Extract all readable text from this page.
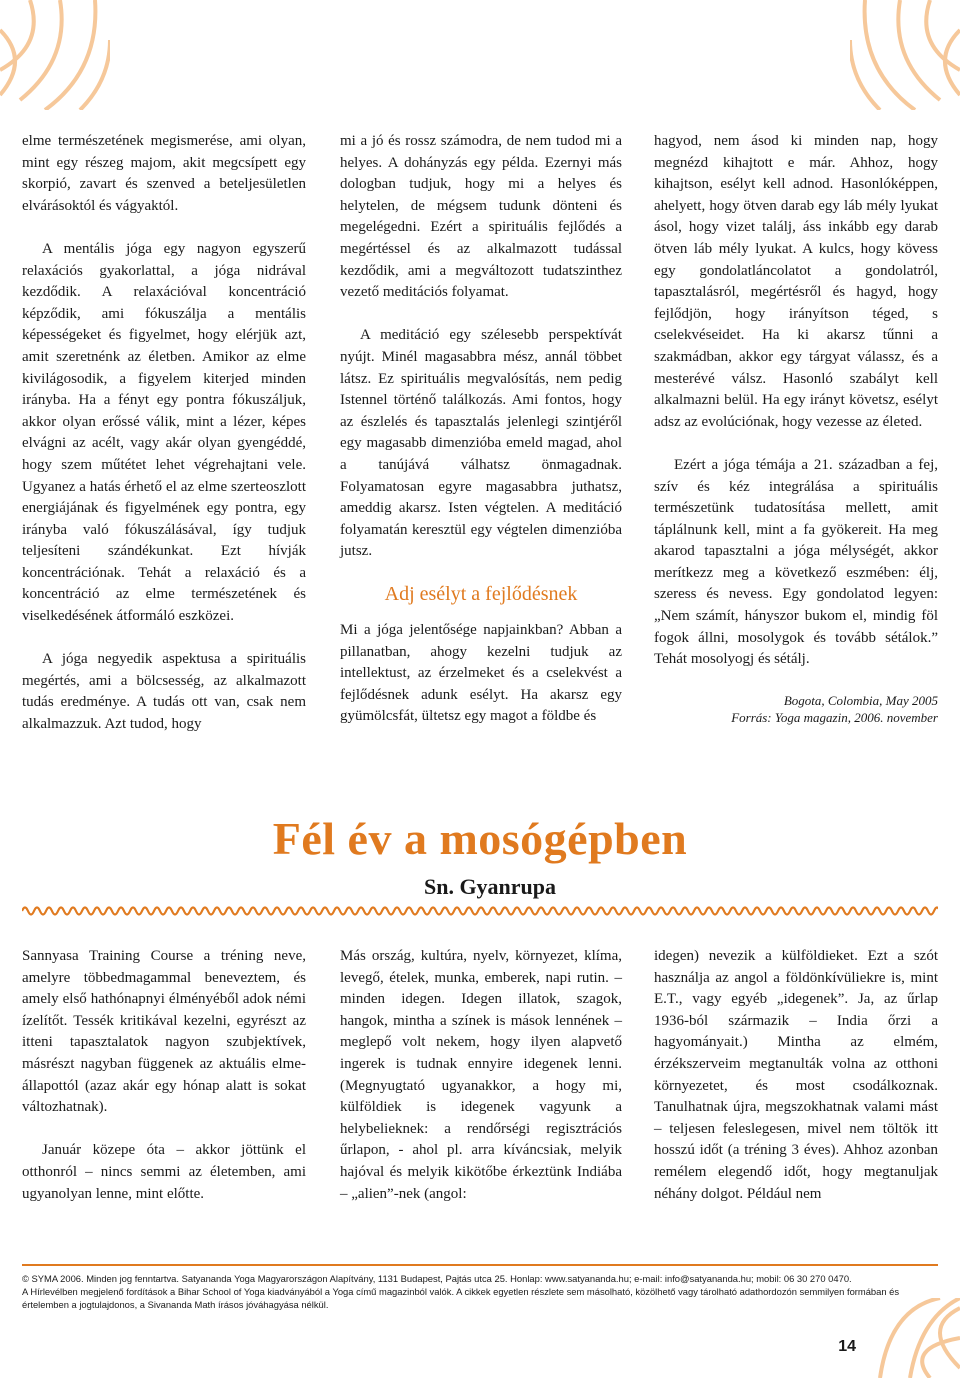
elme természetének megismerése, ami olyan, mint egy részeg majom, akit megcsípett egy skorpió, zavart és szenved a beteljesületlen elvárásoktól és vágyaktól.

A mentális jóga egy nagyon egyszerű relaxációs gyakorlattal, a jóga nidrával kezdődik. A relaxációval koncentráció képződik, ami fókuszálja a mentális képességeket és figyelmet, hogy elérjük azt, amit szeretnénk az életben. Amikor az elme kivilágosodik, a figyelem kiterjed minden irányba. Ha a fényt egy pontra fókuszáljuk, akkor olyan erőssé válik, mint a lézer, képes elvágni az acélt, vagy akár olyan gyengéddé, hogy szem műtétet lehet végrehajtani vele. Ugyanez a hatás érhető el az elme szerteoszlott energiájának és figyelmének egy pontra, egy irányba való fókuszálásával, így tudjuk teljesíteni szándékunkat. Ezt hívják koncentrációnak. Tehát a relaxáció és a koncentráció az elme természetének és viselkedésének átformáló eszközei.

A jóga negyedik aspektusa a spirituális megértés, ami a bölcsesség, az alkalmazott tudás eredménye. A tudás ott van, csak nem alkalmazzuk. Azt tudod, hogy

mi a jó és rossz számodra, de nem tudod mi a helyes. A dohányzás egy példa. Ezernyi más dologban tudjuk, hogy mi a helyes és helytelen, de mégsem tudunk dönteni és megelégedni. Ezért a spirituális fejlődés a megértéssel és az alkalmazott tudással kezdődik, ami a megváltozott tudatszinthez vezető meditációs folyamat.

A meditáció egy szélesebb perspektívát nyújt. Minél magasabbra mész, annál többet látsz. Ez spirituális megvalósítás, nem pedig Istennel történő találkozás. Ami fontos, hogy az észlelés és tapasztalás jelenlegi szintjéről egy magasabb dimenzióba emeld magad, ahol a tanújává válhatsz önmagadnak. Folyamatosan egyre magasabbra juthatsz, ameddig akarsz. Isten végtelen. A meditáció folyamatán keresztül egy végtelen dimenzióba jutsz.

Adj esélyt a fejlődésnek

Mi a jóga jelentősége napjainkban? Abban a pillanatban, ahogy kezelni tudjuk az intellektust, az érzelmeket és a cselekvést a fejlődésnek adunk esélyt. Ha akarsz egy gyümölcsfát, ültetsz egy magot a földbe és

hagyod, nem ásod ki minden nap, hogy megnézd kihajtott e már. Ahhoz, hogy kihajtson, esélyt kell adnod. Hasonlóképpen, ahelyett, hogy ötven darab egy láb mély lyukat ásol, hogy vizet találj, áss inkább egy darab ötven láb mély lyukat. A kulcs, hogy kövess egy gondolatláncolatot a gondolatról, tapasztalásról, megértésről és hagyd, hogy fejlődjön, hogy irányítson téged, s cselekvéseidet. Ha ki akarsz tűnni a szakmádban, akkor egy tárgyat válassz, és a mesterévé válsz. Hasonló szabályt kell alkalmazni belül. Ha egy irányt követsz, esélyt adsz az evolúciónak, hogy vezesse az életed.

Ezért a jóga témája a 21. században a fej, szív és kéz integrálása a spirituális természetünk tudatosítása mellett, amit táplálnunk kell, mint a fa gyökereit. Ha meg akarod tapasztalni a jóga mélységét, akkor merítkezz meg a következő eszmében: élj, szeress és nevess. Egy gondolatod legyen: „Nem számít, hányszor bukom el, mindig föl fogok állni, mosolygok és tovább sétálok.” Tehát mosolyogj és sétálj.

Bogota, Colombia, May 2005
Forrás: Yoga magazin, 2006. november
Fél év a mosógépben
Sn. Gyanrupa

Sannyasa Training Course a tréning neve, amelyre többedmagammal beneveztem, és amely első hathónapnyi élményéből adok némi ízelítőt. Tessék kritikával kezelni, egyrészt az itteni tapasztalatok nagyon szubjektívek, másrészt nagyban függenek az aktuális elme-állapottól (azaz akár egy hónap alatt is sokat változhatnak).

Január közepe óta – akkor jöttünk el otthonról – nincs semmi az életemben, ami ugyanolyan lenne, mint előtte.

Más ország, kultúra, nyelv, környezet, klíma, levegő, ételek, munka, emberek, napi rutin. – minden idegen. Idegen illatok, szagok, hangok, mintha a színek is mások lennének – meglepő volt nekem, hogy ilyen alapvető ingerek is tudnak ennyire idegenek lenni. (Megnyugtató ugyanakkor, a hogy mi, külföldiek is idegenek vagyunk a helybelieknek: a rendőrségi regisztrációs űrlapon, - ahol pl. arra kíváncsiak, melyik hajóval és melyik kikötőbe érkeztünk Indiába – „alien”-nek (angol:

idegen) nevezik a külföldieket. Ezt a szót használja az angol a földönkívüliekre is, mint E.T., vagy egyéb „idegenek”. Ja, az űrlap 1936-ból származik – India őrzi a hagyományait.) Mintha az elmém, érzékszerveim megtanulták volna az otthoni környezetet, és most csodálkoznak. Tanulhatnak újra, megszokhatnak valami mást – teljesen feleslegesen, mivel nem töltök itt hosszú időt (a tréning 3 éves). Ahhoz azonban remélem elegendő időt, hogy megtanuljak néhány dolgot. Például nem

© SYMA 2006. Minden jog fenntartva. Satyananda Yoga Magyarországon Alapítvány, 1131 Budapest, Pajtás utca 25. Honlap: www.satyananda.hu; e-mail: info@satyananda.hu; mobil: 06 30 270 0470.
A Hírlevélben megjelenő fordítások a Bihar School of Yoga kiadványából a Yoga című magazinból valók. A cikkek egyetlen részlete sem másolható, közölhető vagy tárolható adathordozón semmilyen formában és értelemben a jogtulajdonos, a Sivananda Math írásos jóváhagyása nélkül.
14
